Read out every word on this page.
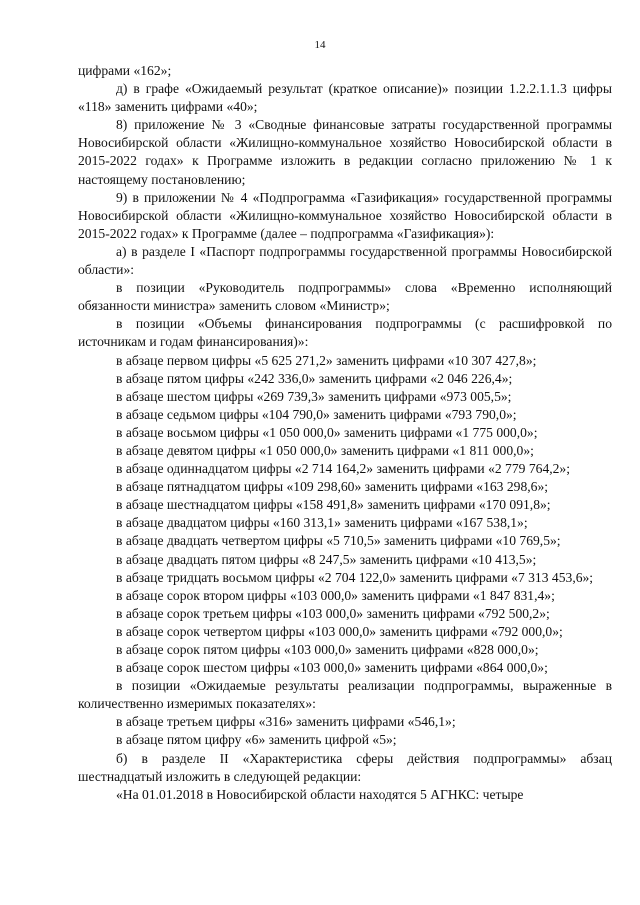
14

цифрами «162»;

д) в графе «Ожидаемый результат (краткое описание)» позиции 1.2.2.1.1.3 цифры «118» заменить цифрами «40»;

8) приложение № 3 «Сводные финансовые затраты государственной программы Новосибирской области «Жилищно-коммунальное хозяйство Новосибирской области в 2015-2022 годах» к Программе изложить в редакции согласно приложению № 1 к настоящему постановлению;

9) в приложении № 4 «Подпрограмма «Газификация» государственной программы Новосибирской области «Жилищно-коммунальное хозяйство Новосибирской области в 2015-2022 годах» к Программе (далее – подпрограмма «Газификация»):

а) в разделе I «Паспорт подпрограммы государственной программы Новосибирской области»:

в позиции «Руководитель подпрограммы» слова «Временно исполняющий обязанности министра» заменить словом «Министр»;

в позиции «Объемы финансирования подпрограммы (с расшифровкой по источникам и годам финансирования)»:

в абзаце первом цифры «5 625 271,2» заменить цифрами «10 307 427,8»;

в абзаце пятом цифры «242 336,0» заменить цифрами «2 046 226,4»;

в абзаце шестом цифры «269 739,3» заменить цифрами «973 005,5»;

в абзаце седьмом цифры «104 790,0» заменить цифрами «793 790,0»;

в абзаце восьмом цифры «1 050 000,0» заменить цифрами «1 775 000,0»;

в абзаце девятом цифры «1 050 000,0» заменить цифрами «1 811 000,0»;

в абзаце одиннадцатом цифры «2 714 164,2» заменить цифрами «2 779 764,2»;

в абзаце пятнадцатом цифры «109 298,60» заменить цифрами «163 298,6»;

в абзаце шестнадцатом цифры «158 491,8» заменить цифрами «170 091,8»;

в абзаце двадцатом цифры «160 313,1» заменить цифрами «167 538,1»;

в абзаце двадцать четвертом цифры «5 710,5» заменить цифрами «10 769,5»;

в абзаце двадцать пятом цифры «8 247,5» заменить цифрами «10 413,5»;

в абзаце тридцать восьмом цифры «2 704 122,0» заменить цифрами «7 313 453,6»;

в абзаце сорок втором цифры «103 000,0» заменить цифрами «1 847 831,4»;

в абзаце сорок третьем цифры «103 000,0» заменить цифрами «792 500,2»;

в абзаце сорок четвертом цифры «103 000,0» заменить цифрами «792 000,0»;

в абзаце сорок пятом цифры «103 000,0» заменить цифрами «828 000,0»;

в абзаце сорок шестом цифры «103 000,0» заменить цифрами «864 000,0»;

в позиции «Ожидаемые результаты реализации подпрограммы, выраженные в количественно измеримых показателях»:

в абзаце третьем цифры «316» заменить цифрами «546,1»;

в абзаце пятом цифру «6» заменить цифрой «5»;

б) в разделе II «Характеристика сферы действия подпрограммы» абзац шестнадцатый изложить в следующей редакции:

«На 01.01.2018 в Новосибирской области находятся 5 АГНКС: четыре
